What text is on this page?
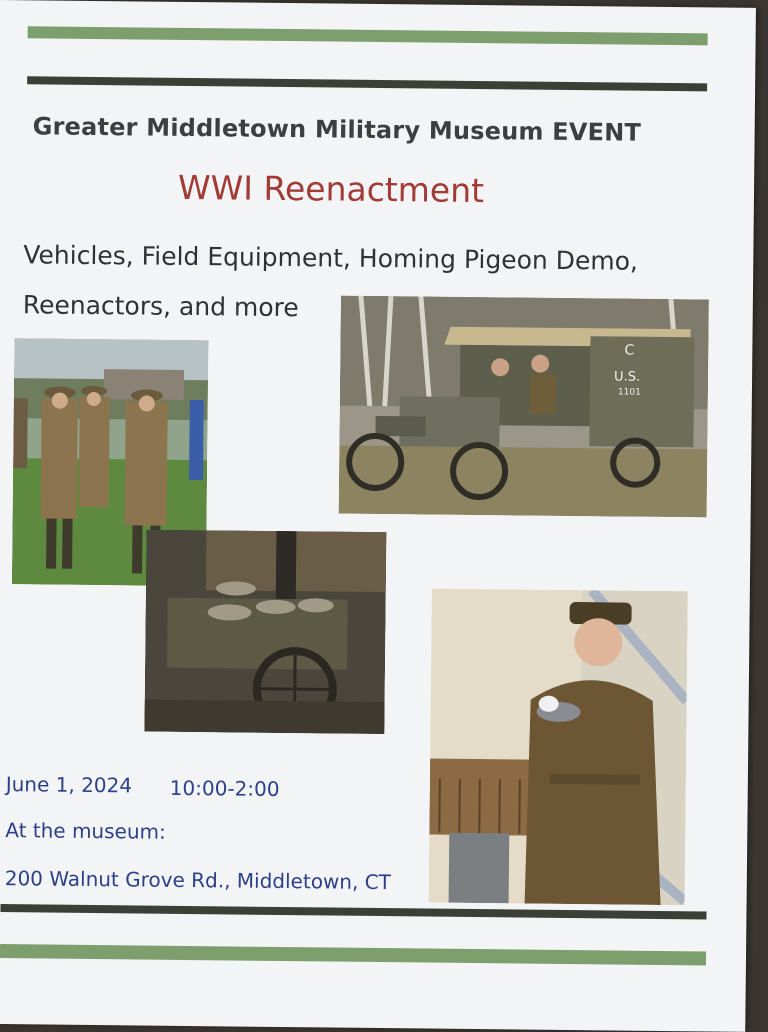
Greater Middletown Military Museum EVENT
WWI Reenactment
Vehicles, Field Equipment, Homing Pigeon Demo,
Reenactors, and more
C
U.S.
1101
June 1, 2024 10:00-2:00
At the museum:
200 Walnut Grove Rd., Middletown, CT
